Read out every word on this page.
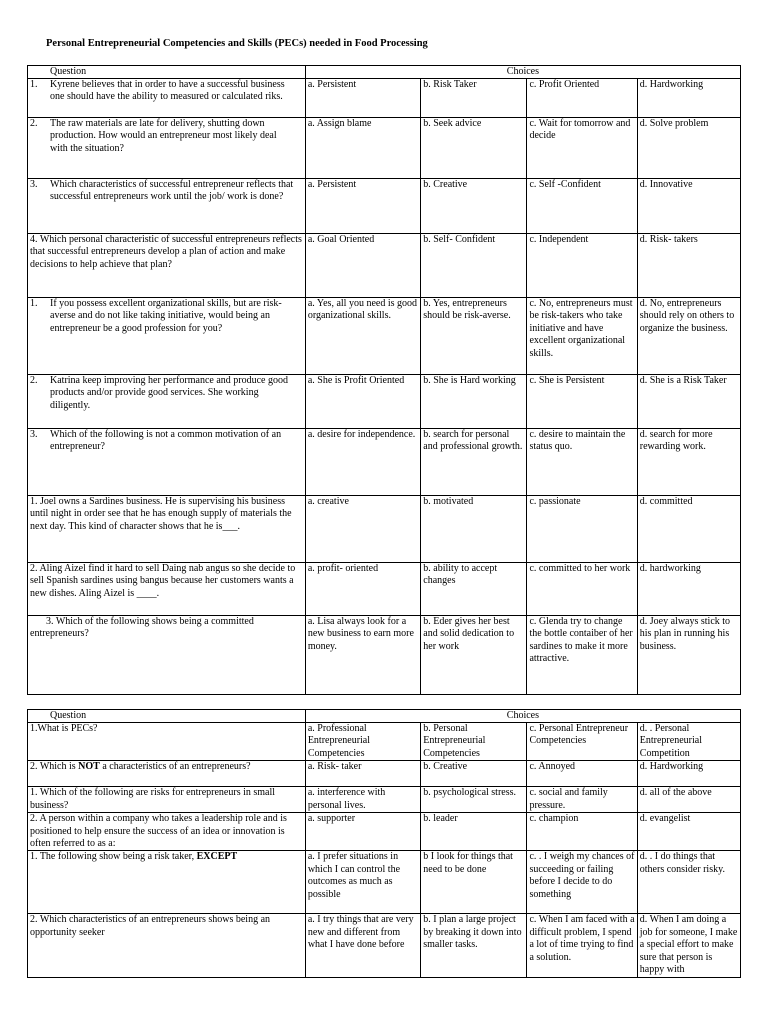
Personal Entrepreneurial Competencies and Skills (PECs) needed in Food Processing
Question	Choices			
1. Kyrene believes that in order to have a successful business one should have the ability to measured or calculated riks.	a. Persistent	b. Risk Taker	c. Profit Oriented	d. Hardworking
2. The raw materials are late for delivery, shutting down production. How would an entrepreneur most likely deal with the situation?	a. Assign blame	b. Seek advice	c. Wait for tomorrow and decide	d. Solve problem
3. Which characteristics of successful entrepreneur reflects that successful entrepreneurs work until the job/ work is done?	a. Persistent	b. Creative	c. Self -Confident	d. Innovative
4. Which personal characteristic of successful entrepreneurs reflects that successful entrepreneurs develop a plan of action and make decisions to help achieve that plan?	a. Goal Oriented	b. Self- Confident	c. Independent	d. Risk- takers
1. If you possess excellent organizational skills, but are risk-averse and do not like taking initiative, would being an entrepreneur be a good profession for you?	a. Yes, all you need is good organizational skills.	b. Yes, entrepreneurs should be risk-averse.	c. No, entrepreneurs must be risk-takers who take initiative and have excellent organizational skills.	d. No, entrepreneurs should rely on others to organize the business.
2. Katrina keep improving her performance and produce good products and/or provide good services. She working diligently.	a. She is Profit Oriented	b. She is Hard working	c. She is Persistent	d. She is a Risk Taker
3. Which of the following is not a common motivation of an entrepreneur?	a. desire for independence.	b. search for personal and professional growth.	c. desire to maintain the status quo.	d. search for more rewarding work.
1. Joel owns a Sardines business. He is supervising his business until night in order see that he has enough supply of materials the next day. This kind of character shows that he is___.	a. creative	b. motivated	c. passionate	d. committed
2. Aling Aizel find it hard to sell Daing nab angus so she decide to sell Spanish sardines using bangus because her customers wants a new dishes. Aling Aizel is ____.	a. profit- oriented	b. ability to accept changes	c. committed to her work	d. hardworking
3. Which of the following shows being a committed entrepreneurs?	a. Lisa always look for a new business to earn more money.	b. Eder gives her best and solid dedication to her work	c. Glenda try to change the bottle contaiber of her sardines to make it more attractive.	d. Joey always stick to his plan in running his business.
Question	Choices			
1.What is PECs?	a. Professional Entrepreneurial Competencies	b. Personal Entrepreneurial Competencies	c. Personal Entrepreneur Competencies	d. . Personal Entrepreneurial Competition
2. Which is NOT a characteristics of an entrepreneurs?	a. Risk- taker	b. Creative	c. Annoyed	d. Hardworking
1. Which of the following are risks for entrepreneurs in small business?	a. interference with personal lives.	b. psychological stress.	c. social and family pressure.	d. all of the above
2. A person within a company who takes a leadership role and is positioned to help ensure the success of an idea or innovation is often referred to as a:	a. supporter	b. leader	c. champion	d. evangelist
1. The following show being a risk taker, EXCEPT	a. I prefer situations in which I can control the outcomes as much as possible	b I look for things that need to be done	c. . I weigh my chances of succeeding or failing before I decide to do something	d. . I do things that others consider risky.
2. Which characteristics of an entrepreneurs shows being an opportunity seeker	a. I try things that are very new and different from what I have done before	b. I plan a large project by breaking it down into smaller tasks.	c. When I am faced with a difficult problem, I spend a lot of time trying to find a solution.	d. When I am doing a job for someone, I make a special effort to make sure that person is happy with
